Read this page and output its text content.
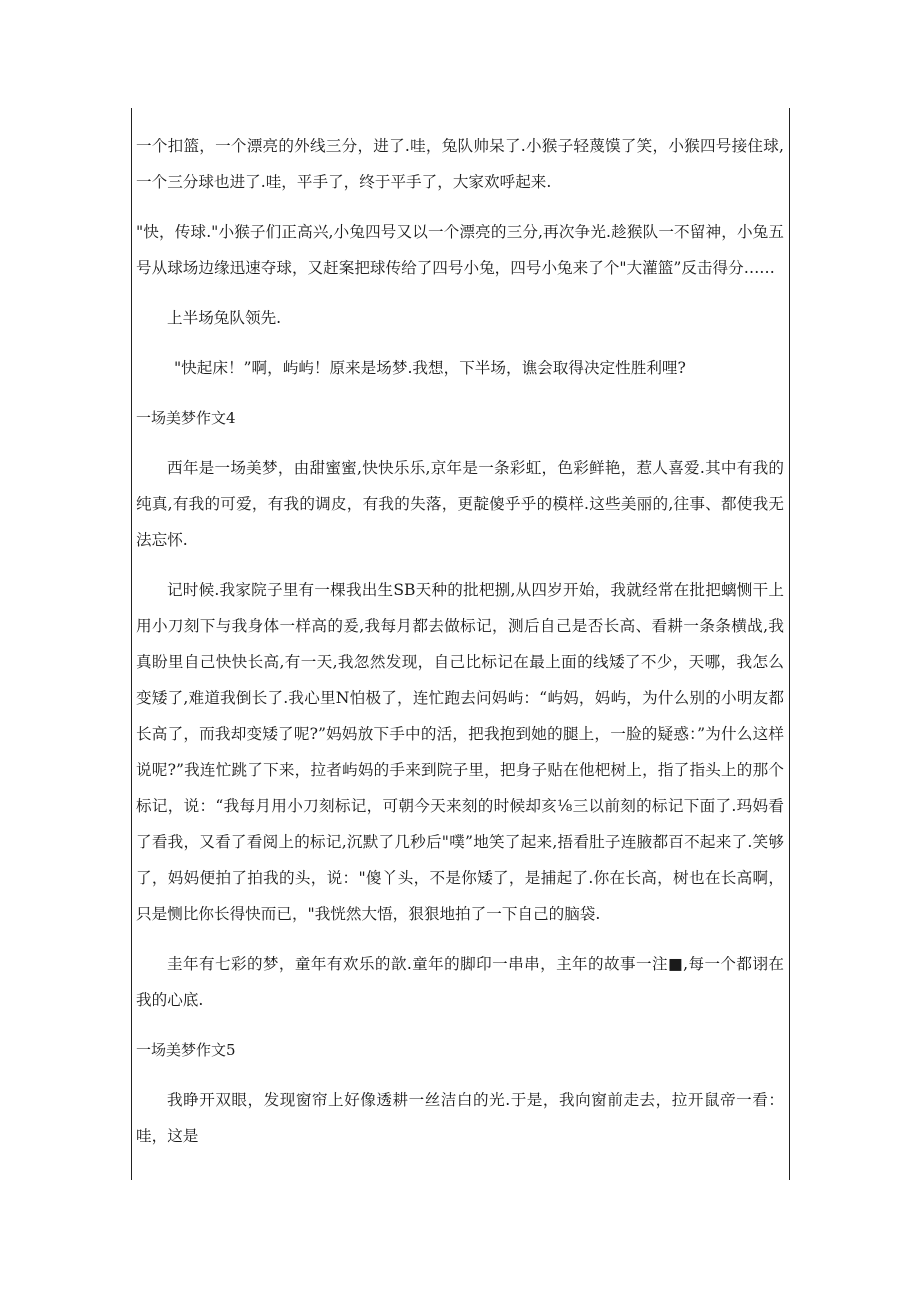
一个扣篮，一个漂亮的外线三分，进了.哇，兔队帅呆了.小猴子轻蔑馍了笑，小猴四号接住球,一个三分球也进了.哇，平手了，终于平手了，大家欢呼起来.

"快，传球."小猴子们正高兴,小兔四号又以一个漂亮的三分,再次争光.趁猴队一不留神，小兔五号从球场边缘迅速夺球，又赶案把球传给了四号小兔，四号小兔来了个"大灌篮”反击得分……

上半场兔队领先.

"快起床！”啊，屿屿！原来是场梦.我想，下半场，谯会取得决定性胜利哩?

一场美梦作文4

西年是一场美梦，由甜蜜蜜,快快乐乐,京年是一条彩虹，色彩鲜艳，惹人喜爱.其中有我的纯真,有我的可爱，有我的调皮，有我的失落，更靛傻乎乎的模样.这些美丽的,往事、都使我无法忘怀.

记时候.我家院子里有一棵我出生SB天种的批杷捌,从四岁开始，我就经常在批把螭恻干上用小刀刻下与我身体一样高的爰,我每月都去做标记，测后自己是否长高、看耕一条条横战,我真盼里自己快快长高,有一天,我忽然发现，自己比标记在最上面的线矮了不少，天哪，我怎么变矮了,难道我倒长了.我心里N怕极了，连忙跑去问妈屿：“屿妈，妈屿，为什么别的小明友都长高了，而我却变矮了呢?”妈妈放下手中的活，把我抱到她的腿上，一脸的疑惑：”为什么这样说呢?”我连忙跳了下来，拉者屿妈的手来到院子里，把身子贴在他杷树上，指了指头上的那个标记，说：“我每月用小刀刻标记，可朝今天来刻的时候却亥⅛三以前刻的标记下面了.玛妈看了看我，又看了看阅上的标记,沉默了几秒后"噗”地笑了起来,捂看肚子连腋都百不起来了.笑够了，妈妈便拍了拍我的头，说："傻丫头，不是你矮了，是捕起了.你在长高，树也在长高啊，只是恻比你长得快而已，"我恍然大悟，狠狠地拍了一下自己的脑袋.

圭年有七彩的梦，童年有欢乐的歆.童年的脚印一串串，主年的故事一注■,每一个都诩在我的心底.

一场美梦作文5

我睁开双眼，发现窗帘上好像透耕一丝洁白的光.于是，我向窗前走去，拉开鼠帝一看：哇，这是
